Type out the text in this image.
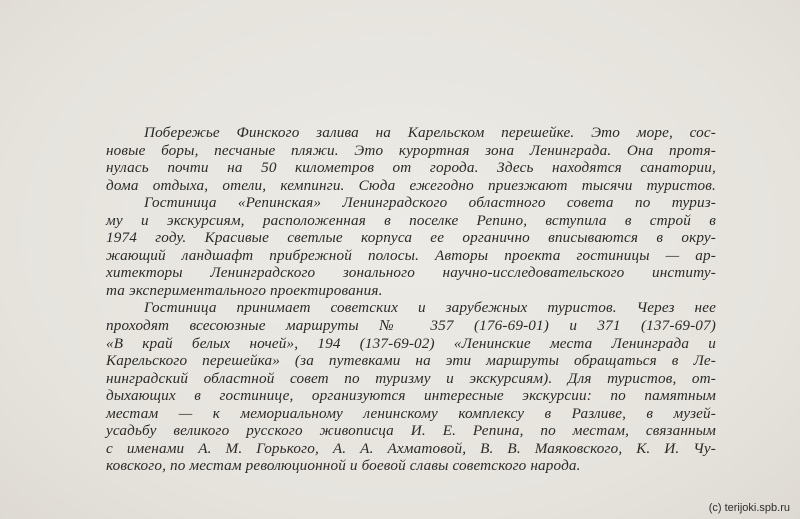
Побережье Финского залива на Карельском перешейке. Это море, сос-
новые боры, песчаные пляжи. Это курортная зона Ленинграда. Она протя-
нулась почти на 50 километров от города. Здесь находятся санатории,
дома отдыха, отели, кемпинги. Сюда ежегодно приезжают тысячи туристов.
Гостиница «Репинская» Ленинградского областного совета по туриз-
му и экскурсиям, расположенная в поселке Репино, вступила в строй в
1974 году. Красивые светлые корпуса ее органично вписываются в окру-
жающий ландшафт прибрежной полосы. Авторы проекта гостиницы — ар-
хитекторы Ленинградского зонального научно-исследовательского институ-
та экспериментального проектирования.
Гостиница принимает советских и зарубежных туристов. Через нее
проходят всесоюзные маршруты № 357 (176-69-01) и 371 (137-69-07)
«В край белых ночей», 194 (137-69-02) «Ленинские места Ленинграда и
Карельского перешейка» (за путевками на эти маршруты обращаться в Ле-
нинградский областной совет по туризму и экскурсиям). Для туристов, от-
дыхающих в гостинице, организуются интересные экскурсии: по памятным
местам — к мемориальному ленинскому комплексу в Разливе, в музей-
усадьбу великого русского живописца И. Е. Репина, по местам, связанным
с именами А. М. Горького, А. А. Ахматовой, В. В. Маяковского, К. И. Чу-
ковского, по местам революционной и боевой славы советского народа.
(c) terijoki.spb.ru
